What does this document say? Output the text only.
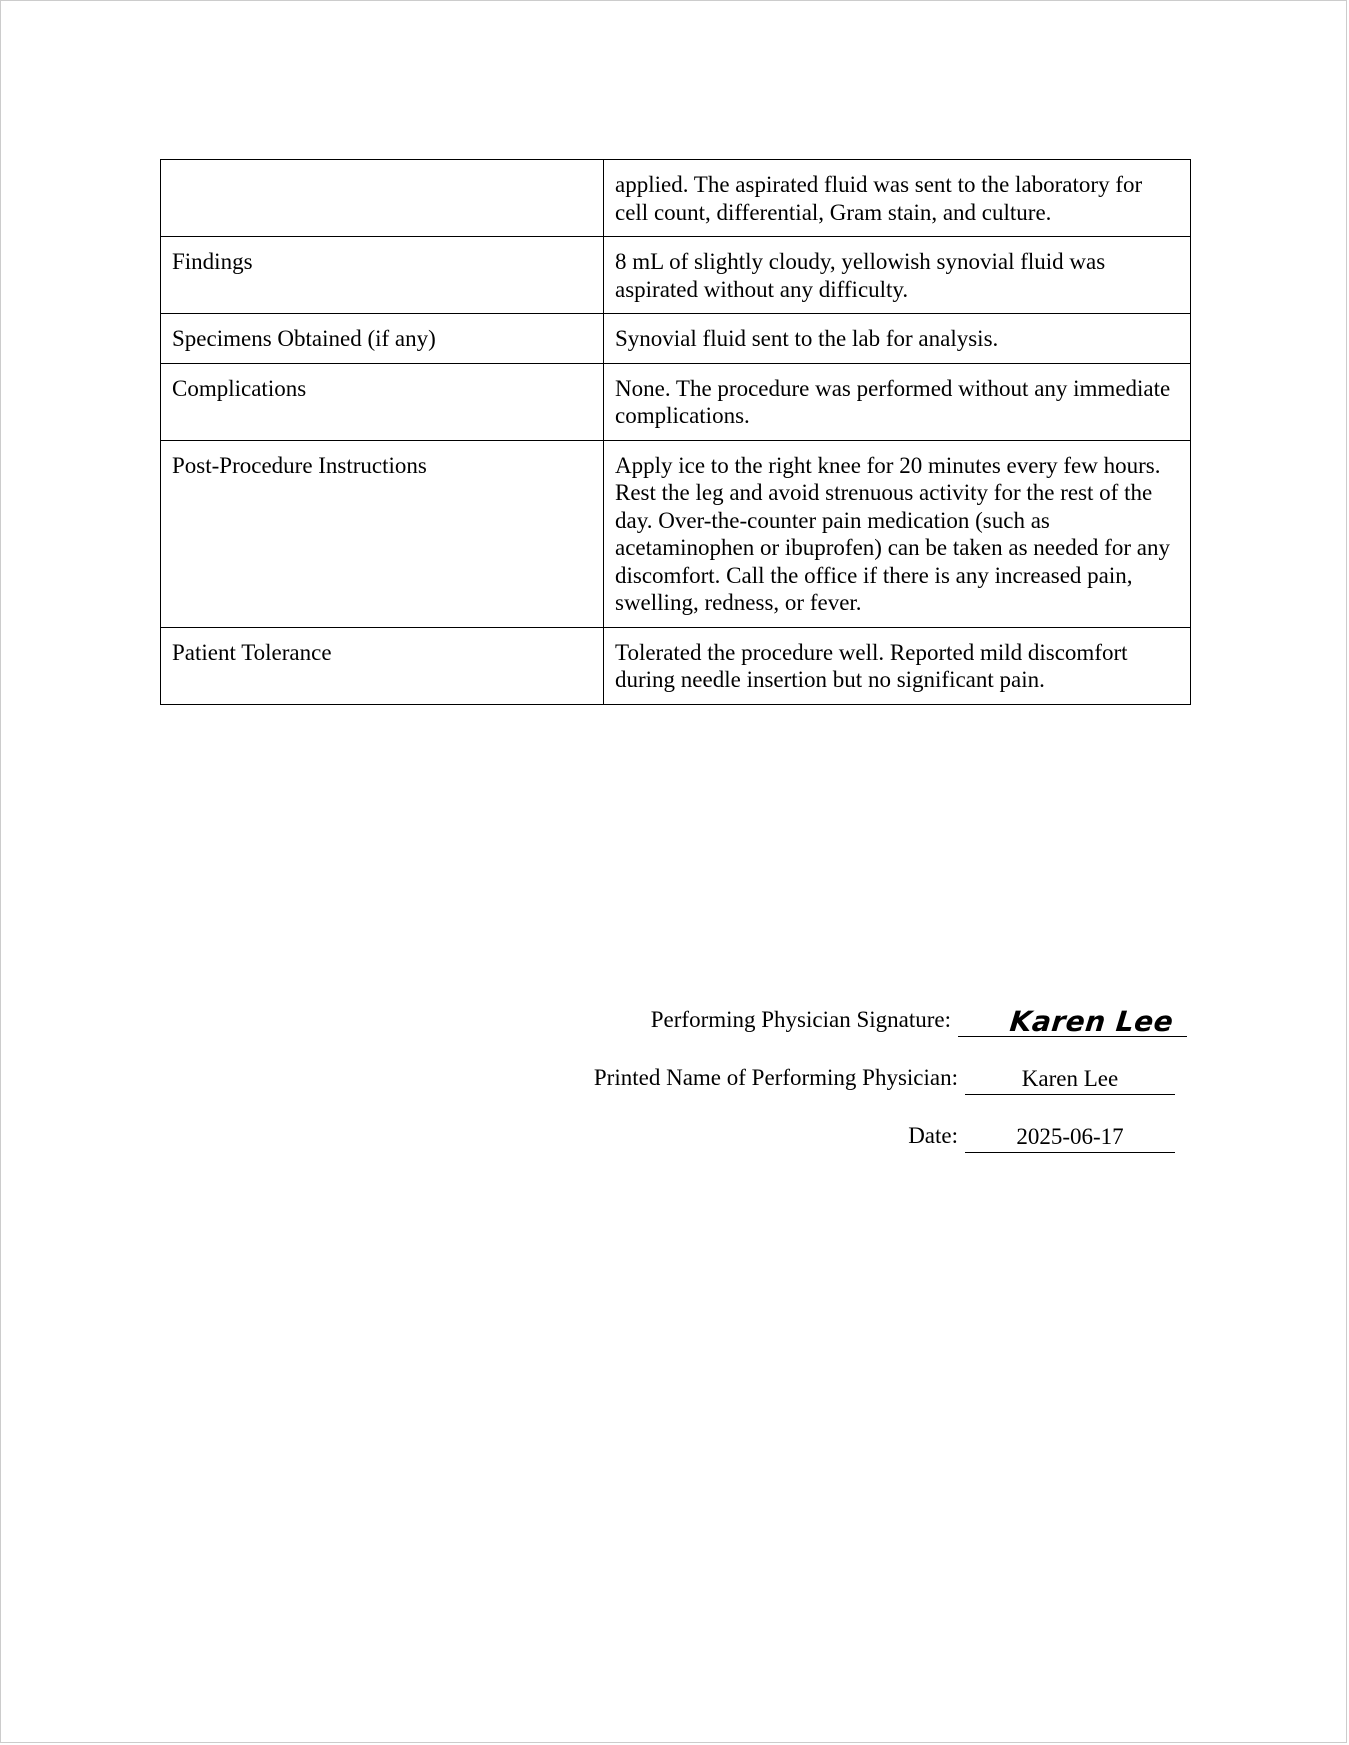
	applied. The aspirated fluid was sent to the laboratory for cell count, differential, Gram stain, and culture.
Findings	8 mL of slightly cloudy, yellowish synovial fluid was aspirated without any difficulty.
Specimens Obtained (if any)	Synovial fluid sent to the lab for analysis.
Complications	None. The procedure was performed without any immediate complications.
Post-Procedure Instructions	Apply ice to the right knee for 20 minutes every few hours. Rest the leg and avoid strenuous activity for the rest of the day. Over-the-counter pain medication (such as acetaminophen or ibuprofen) can be taken as needed for any discomfort. Call the office if there is any increased pain, swelling, redness, or fever.
Patient Tolerance	Tolerated the procedure well. Reported mild discomfort during needle insertion but no significant pain.
Performing Physician Signature: Karen Lee
Printed Name of Performing Physician:	Karen Lee
Date:	2025-06-17
